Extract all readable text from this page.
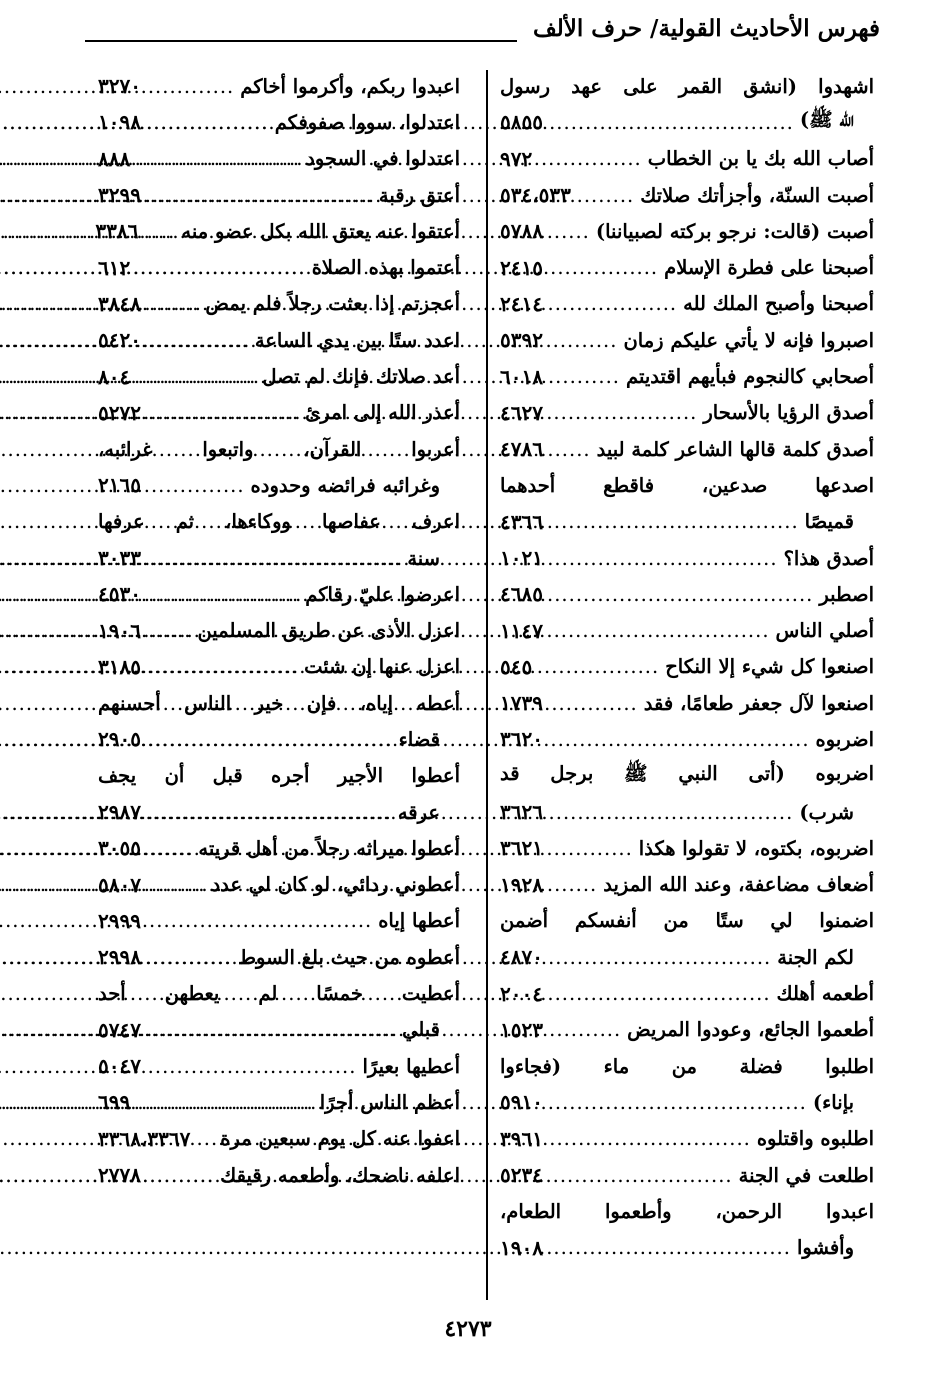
فهرس الأحاديث القولية/ حرف الألف
اشهدوا (انشق القمر على عهد رسول
الله ﷺ)
.....
٥٨٥٥
أصاب الله بك يا بن الخطاب
.....
٩٧٢
أصبت السنّة، وأجزأتك صلاتك
.....
٥٣٤،٥٣٣
أصبت (قالت: نرجو بركته لصبياننا)
.....
٥٧٨٨
أصبحنا على فطرة الإسلام
.....
٢٤١٥
أصبحنا وأصبح الملك لله
.....
٢٤١٤
اصبروا فإنه لا يأتي عليكم زمان
.....
٥٣٩٢
أصحابي كالنجوم فبأيهم اقتديتم
.....
٦٠١٨
أصدق الرؤيا بالأسحار
.....
٤٦٢٧
أصدق كلمة قالها الشاعر كلمة لبيد
.....
٤٧٨٦
اصدعها صدعين، فاقطع أحدهما
قميصًا
.....
٤٣٦٦
أصدق هذا؟
.....
١٠٢١
اصطبر
.....
٤٦٨٥
أصلي الناس
.....
١١٤٧
اصنعوا كل شيء إلا النكاح
.....
٥٤٥
اصنعوا لآل جعفر طعامًا، فقد
.....
١٧٣٩
اضربوه
.....
٣٦٢٠
اضربوه (أتى النبي ﷺ برجل قد
شرب)
.....
٣٦٢٦
اضربوه، بكتوه، لا تقولوا هكذا
.....
٣٦٢١
أضعاف مضاعفة، وعند الله المزيد
.....
١٩٢٨
اضمنوا لي ستًا من أنفسكم أضمن
لكم الجنة
.....
٤٨٧٠
أطعمه أهلك
.....
٢٠٠٤
أطعموا الجائع، وعودوا المريض
.....
١٥٢٣
اطلبوا فضلة من ماء (فجاءوا
بإناء)
.....
٥٩١٠
اطلبوه واقتلوه
.....
٣٩٦١
اطلعت في الجنة
.....
٥٢٣٤
اعبدوا الرحمن، وأطعموا الطعام،
وأفشوا
.....
١٩٠٨
اعبدوا ربكم، وأكرموا أخاكم
.....
٣٢٧٠
اعتدلوا، سووا صفوفكم
.....
١٠٩٨
اعتدلوا في السجود
.....
٨٨٨
أعتق رقبة
.....
٣٢٩٩
أعتقوا عنه يعتق الله بكل عضو منه
.....
٣٣٨٦
أعتموا بهذه الصلاة
.....
٦١٢
أعجزتم إذا بعثت رجلاً فلم يمض
.....
٣٨٤٨
اعدد ستًا بين يدي الساعة
.....
٥٤٢٠
أعد صلاتك فإنك لم تصل
.....
٨٠٤
أعذر الله إلى امرئ
.....
٥٢٧٢
أعربوا القرآن، واتبعوا غرائبه،
وغرائبه فرائضه وحدوده
.....
٢١٦٥
اعرف عفاصها ووكاءها، ثم عرفها
سنة
.....
٣٠٣٣
اعرضوا عليّ رقاكم
.....
٤٥٣٠
اعزل الأذى عن طريق المسلمين
.....
١٩٠٦
اعزل عنها إن شئت
.....
٣١٨٥
أعطه إياه، فإن خير الناس أحسنهم
قضاء
.....
٢٩٠٥
أعطوا الأجير أجره قبل أن يجف
عرقه
.....
٢٩٨٧
أعطوا ميراثه رجلاً من أهل قريته
.....
٣٠٥٥
أعطوني ردائي، لو كان لي عدد
.....
٥٨٠٧
أعطها إياه
.....
٢٩٩٩
أعطوه من حيث بلغ السوط
.....
٢٩٩٨
أعطيت خمسًا لم يعطهن أحد
قبلي
.....
٥٧٤٧
أعطيها بعيرًا
.....
٥٠٤٧
أعظم الناس أجرًا
.....
٦٩٩
اعفوا عنه كل يوم سبعين مرة
٣٣٦٨،٣٣٦٧
اعلفه ناضحك، وأطعمه رقيقك
.....
٢٧٧٨
٤٢٧٣
